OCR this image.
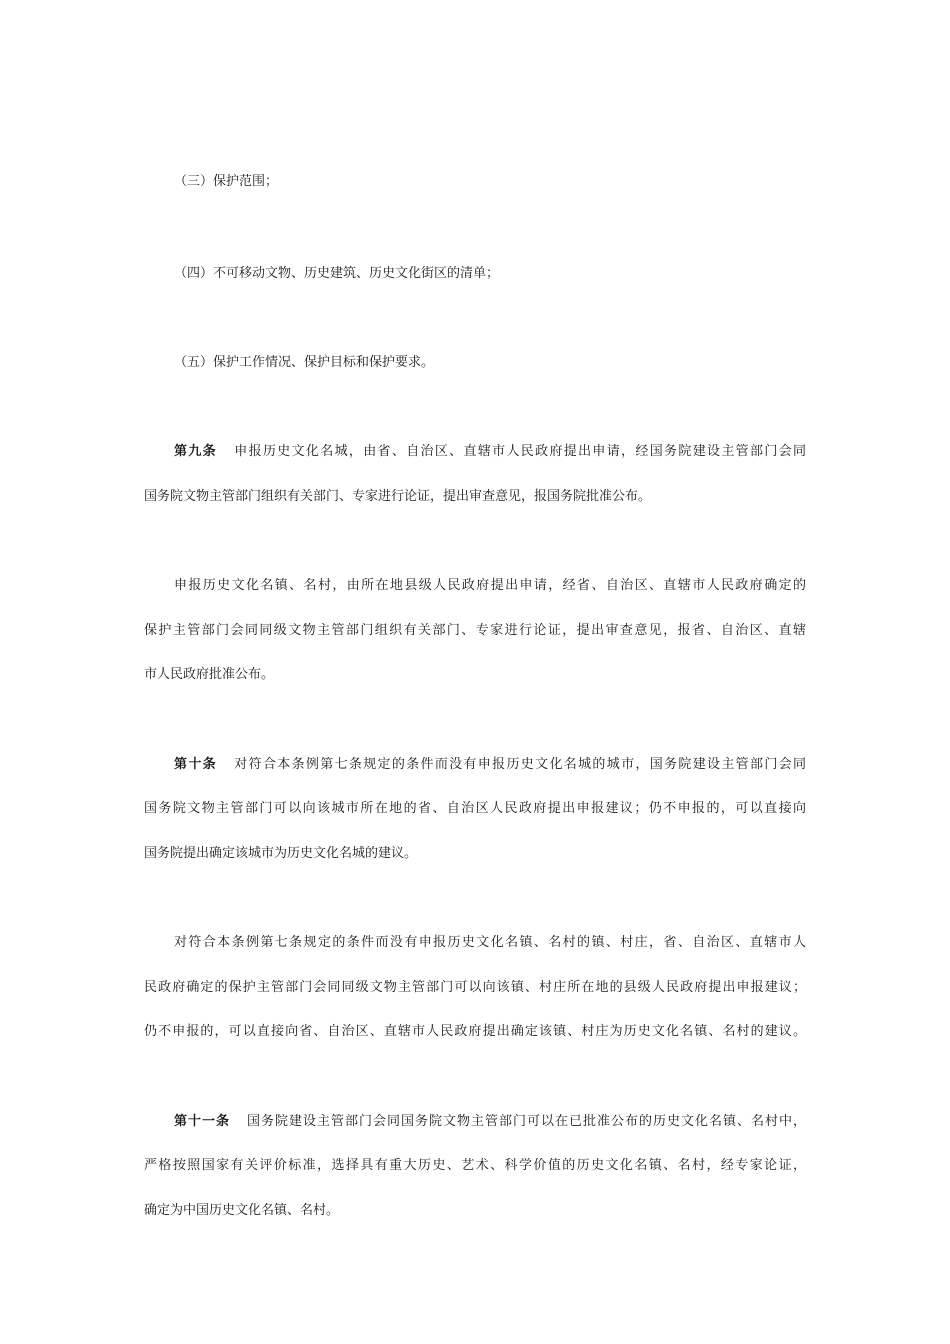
（三）保护范围；
（四）不可移动文物、历史建筑、历史文化街区的清单；
（五）保护工作情况、保护目标和保护要求。
第九条 申报历史文化名城，由省、自治区、直辖市人民政府提出申请，经国务院建设主管部门会同
国务院文物主管部门组织有关部门、专家进行论证，提出审查意见，报国务院批准公布。
申报历史文化名镇、名村，由所在地县级人民政府提出申请，经省、自治区、直辖市人民政府确定的
保护主管部门会同同级文物主管部门组织有关部门、专家进行论证，提出审查意见，报省、自治区、直辖
市人民政府批准公布。
第十条 对符合本条例第七条规定的条件而没有申报历史文化名城的城市，国务院建设主管部门会同
国务院文物主管部门可以向该城市所在地的省、自治区人民政府提出申报建议；仍不申报的，可以直接向
国务院提出确定该城市为历史文化名城的建议。
对符合本条例第七条规定的条件而没有申报历史文化名镇、名村的镇、村庄，省、自治区、直辖市人
民政府确定的保护主管部门会同同级文物主管部门可以向该镇、村庄所在地的县级人民政府提出申报建议；
仍不申报的，可以直接向省、自治区、直辖市人民政府提出确定该镇、村庄为历史文化名镇、名村的建议。
第十一条 国务院建设主管部门会同国务院文物主管部门可以在已批准公布的历史文化名镇、名村中，
严格按照国家有关评价标准，选择具有重大历史、艺术、科学价值的历史文化名镇、名村，经专家论证，
确定为中国历史文化名镇、名村。
